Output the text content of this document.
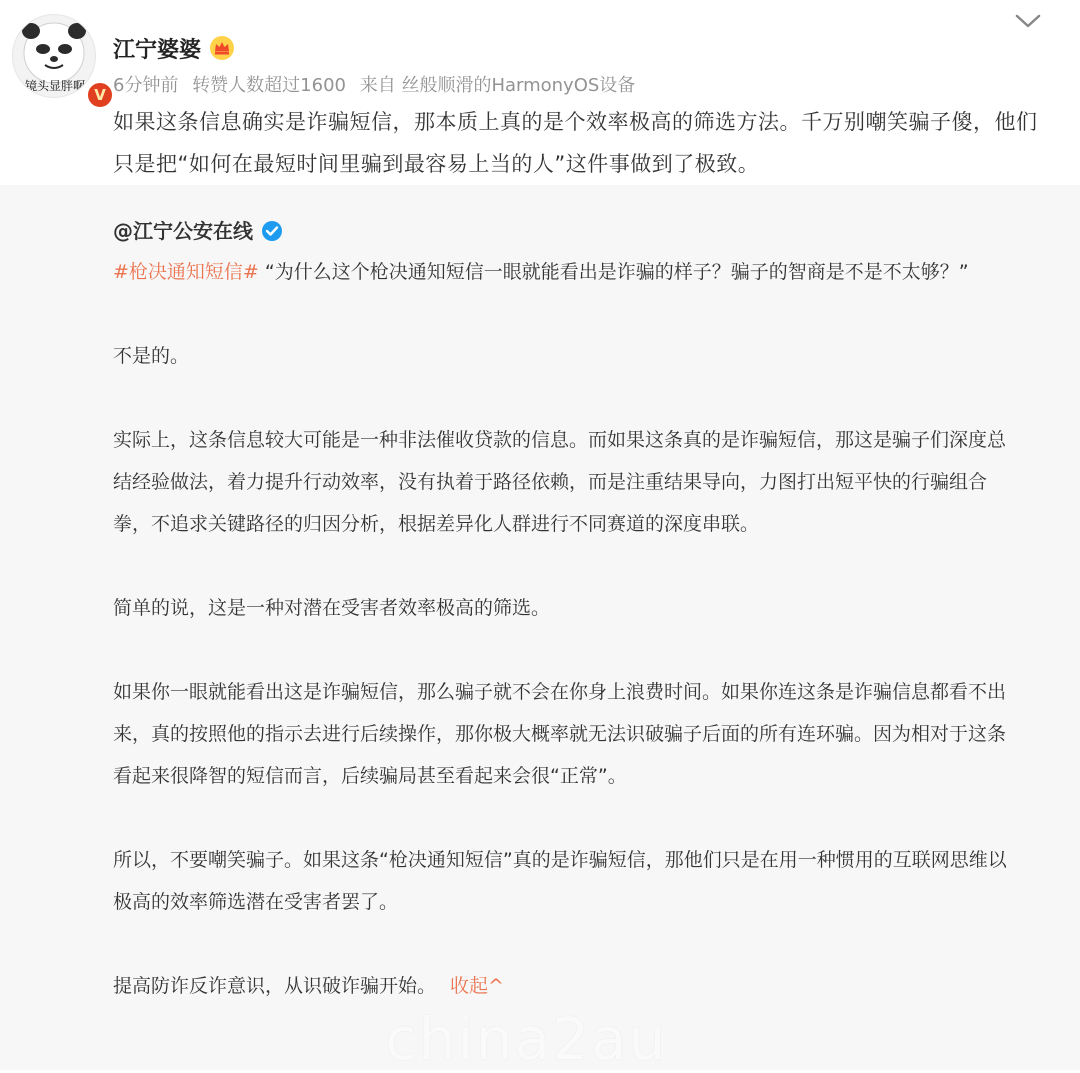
镜头显胖啊 V
江宁婆婆
6分钟前 转赞人数超过1600 来自 丝般顺滑的HarmonyOS设备
如果这条信息确实是诈骗短信，那本质上真的是个效率极高的筛选方法。千万别嘲笑骗子傻，他们只是把“如何在最短时间里骗到最容易上当的人”这件事做到了极致。
@江宁公安在线

#枪决通知短信# “为什么这个枪决通知短信一眼就能看出是诈骗的样子？骗子的智商是不是不太够？”

不是的。

实际上，这条信息较大可能是一种非法催收贷款的信息。而如果这条真的是诈骗短信，那这是骗子们深度总结经验做法，着力提升行动效率，没有执着于路径依赖，而是注重结果导向，力图打出短平快的行骗组合拳，不追求关键路径的归因分析，根据差异化人群进行不同赛道的深度串联。

简单的说，这是一种对潜在受害者效率极高的筛选。

如果你一眼就能看出这是诈骗短信，那么骗子就不会在你身上浪费时间。如果你连这条是诈骗信息都看不出来，真的按照他的指示去进行后续操作，那你极大概率就无法识破骗子后面的所有连环骗。因为相对于这条看起来很降智的短信而言，后续骗局甚至看起来会很“正常”。

所以，不要嘲笑骗子。如果这条“枪决通知短信”真的是诈骗短信，那他们只是在用一种惯用的互联网思维以极高的效率筛选潜在受害者罢了。

提高防诈反诈意识，从识破诈骗开始。 收起^

china2au
